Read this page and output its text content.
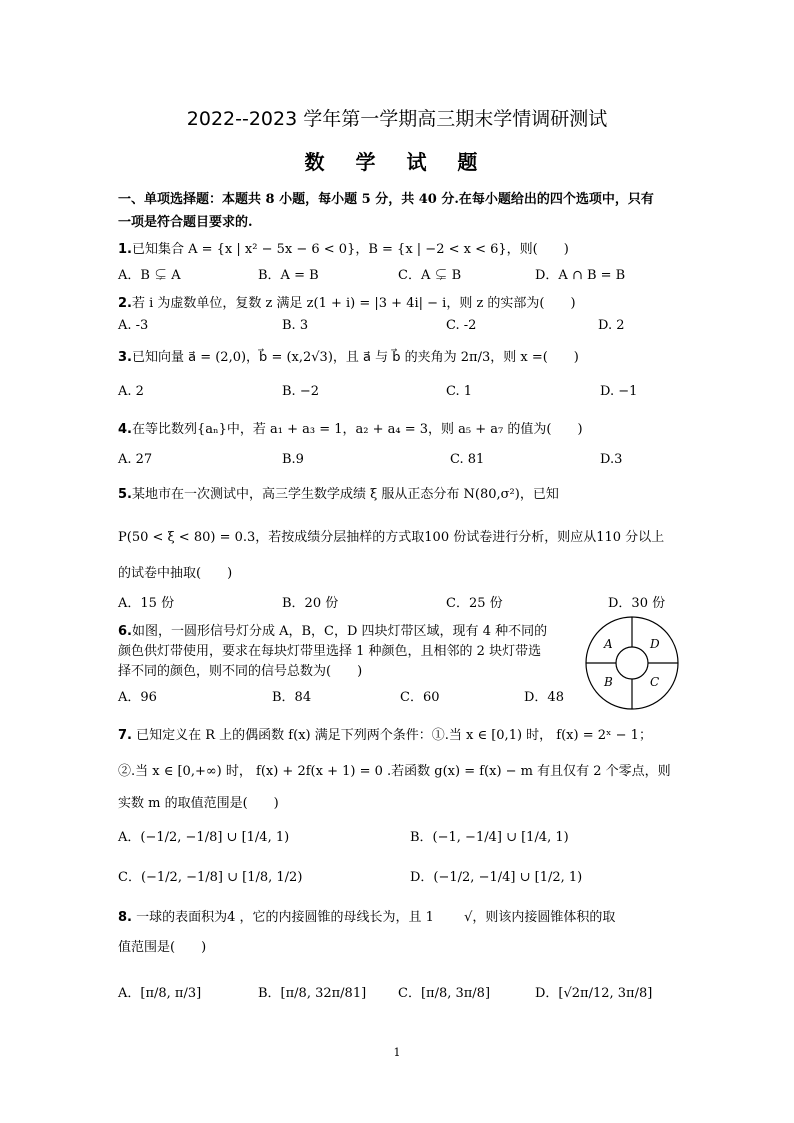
2022--2023 学年第一学期高三期末学情调研测试
数 学 试 题
一、单项选择题：本题共 8 小题，每小题 5 分，共 40 分.在每小题给出的四个选项中，只有
一项是符合题目要求的.
1.已知集合 A = {x | x² − 5x − 6 < 0}，B = {x | −2 < x < 6}，则(　　)
A．B ⊊ A	B．A = B	C．A ⊊ B	D．A ∩ B = B
2.若 i 为虚数单位，复数 z 满足 z(1 + i) = |3 + 4i| − i，则 z 的实部为(　　)
A. -3	B. 3	C. -2	D. 2
3.已知向量 a⃗ = (2,0)，b⃗ = (x,2√3)，且 a⃗ 与 b⃗ 的夹角为 2π/3，则 x =(　　)
A. 2	B. −2	C. 1	D. −1
4.在等比数列{aₙ}中，若 a₁ + a₃ = 1，a₂ + a₄ = 3，则 a₅ + a₇ 的值为(　　)
A. 27	B.9	C. 81	D.3
5.某地市在一次测试中，高三学生数学成绩 ξ 服从正态分布 N(80,σ²)，已知
P(50 < ξ < 80) = 0.3，若按成绩分层抽样的方式取100 份试卷进行分析，则应从110 分以上
的试卷中抽取(　　)
A．15 份	B．20 份	C．25 份	D．30 份
6.如图，一圆形信号灯分成 A，B，C，D 四块灯带区域，现有 4 种不同的
颜色供灯带使用，要求在每块灯带里选择 1 种颜色，且相邻的 2 块灯带选
择不同的颜色，则不同的信号总数为(　　)
A．96	B．84	C．60	D．48
A	D
B	C
7. 已知定义在 R 上的偶函数 f(x) 满足下列两个条件：①.当 x ∈ [0,1) 时， f(x) = 2ˣ − 1；
②.当 x ∈ [0,+∞) 时， f(x) + 2f(x + 1) = 0 .若函数 g(x) = f(x) − m 有且仅有 2 个零点，则
实数 m 的取值范围是(　　)
A．(−1/2, −1/8] ∪ [1/4, 1)	B．(−1, −1/4] ∪ [1/4, 1)
C．(−1/2, −1/8] ∪ [1/8, 1/2)	D．(−1/2, −1/4] ∪ [1/2, 1)
8. 一球的表面积为4 ，它的内接圆锥的母线长为，且 1　　 √，则该内接圆锥体积的取
值范围是(　　)
A．[π/8, π/3]	B．[π/8, 32π/81] C．[π/8, 3π/8]	D．[√2π/12, 3π/8]
1
